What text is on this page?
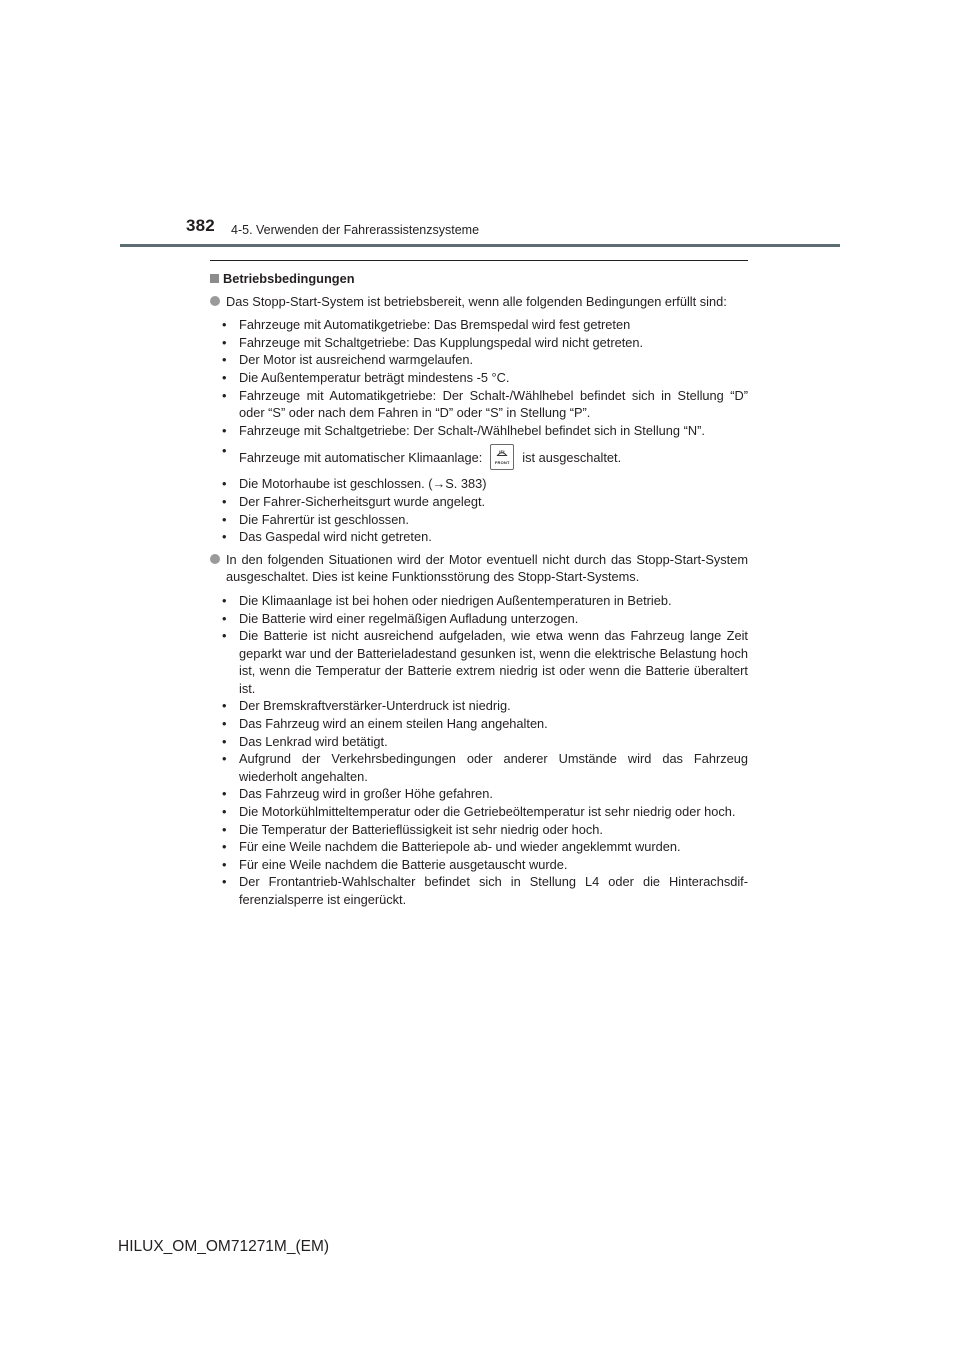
382 4-5. Verwenden der Fahrerassistenzsysteme
Betriebsbedingungen
Das Stopp-Start-System ist betriebsbereit, wenn alle folgenden Bedingungen erfüllt sind:
• Fahrzeuge mit Automatikgetriebe: Das Bremspedal wird fest getreten
• Fahrzeuge mit Schaltgetriebe: Das Kupplungspedal wird nicht getreten.
• Der Motor ist ausreichend warmgelaufen.
• Die Außentemperatur beträgt mindestens -5 °C.
• Fahrzeuge mit Automatikgetriebe: Der Schalt-/Wählhebel befindet sich in Stellung “D” oder “S” oder nach dem Fahren in “D” oder “S” in Stellung “P”.
• Fahrzeuge mit Schaltgetriebe: Der Schalt-/Wählhebel befindet sich in Stellung “N”.
• Fahrzeuge mit automatischer Klimaanlage:	FRONT ist ausgeschaltet.
• Die Motorhaube ist geschlossen. (→S. 383)
• Der Fahrer-Sicherheitsgurt wurde angelegt.
• Die Fahrertür ist geschlossen.
• Das Gaspedal wird nicht getreten.
In den folgenden Situationen wird der Motor eventuell nicht durch das Stopp-Start-System ausgeschaltet. Dies ist keine Funktionsstörung des Stopp-Start-Systems.
• Die Klimaanlage ist bei hohen oder niedrigen Außentemperaturen in Betrieb.
• Die Batterie wird einer regelmäßigen Aufladung unterzogen.
• Die Batterie ist nicht ausreichend aufgeladen, wie etwa wenn das Fahrzeug lange Zeit geparkt war und der Batterieladestand gesunken ist, wenn die elektrische Belastung hoch ist, wenn die Temperatur der Batterie extrem niedrig ist oder wenn die Batterie überaltert ist.
• Der Bremskraftverstärker-Unterdruck ist niedrig.
• Das Fahrzeug wird an einem steilen Hang angehalten.
• Das Lenkrad wird betätigt.
• Aufgrund der Verkehrsbedingungen oder anderer Umstände wird das Fahrzeug wiederholt angehalten.
• Das Fahrzeug wird in großer Höhe gefahren.
• Die Motorkühlmitteltemperatur oder die Getriebeöltemperatur ist sehr niedrig oder hoch.
• Die Temperatur der Batterieflüssigkeit ist sehr niedrig oder hoch.
• Für eine Weile nachdem die Batteriepole ab- und wieder angeklemmt wurden.
• Für eine Weile nachdem die Batterie ausgetauscht wurde.
• Der Frontantrieb-Wahlschalter befindet sich in Stellung L4 oder die Hinterachsdif-ferenzialsperre ist eingerückt.
HILUX_OM_OM71271M_(EM)
